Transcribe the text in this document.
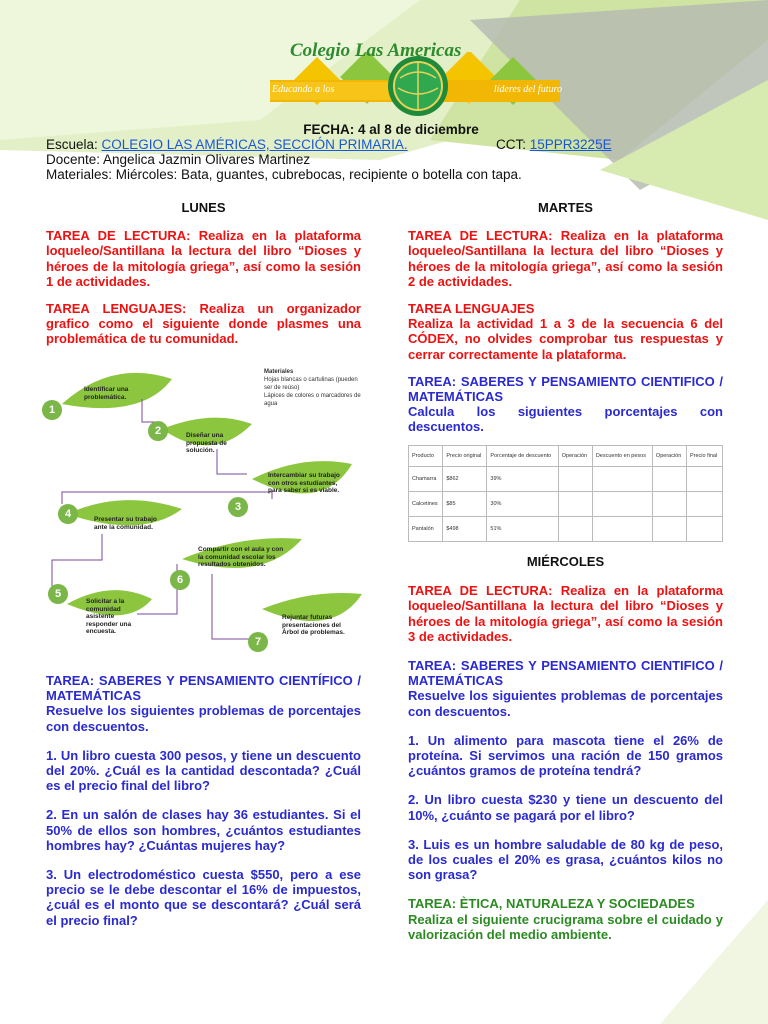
Colegio Las Americas
Educando a los	líderes del futuro
FECHA: 4 al 8 de diciembre
Escuela: COLEGIO LAS AMÉRICAS, SECCIÓN PRIMARIA.	CCT: 15PPR3225E
Docente: Angelica Jazmin Olivares Martinez
Materiales: Miércoles: Bata, guantes, cubrebocas, recipiente o botella con tapa.

LUNES

TAREA DE LECTURA: Realiza en la plataforma loqueleo/Santillana la lectura del libro “Dioses y héroes de la mitología griega”, así como la sesión 1 de actividades.

TAREA LENGUAJES: Realiza un organizador grafico como el siguiente donde plasmes una problemática de tu comunidad.

Materiales
Hojas blancas o cartulinas (pueden ser de reúso)
Lápices de colores o marcadores de agua
1
Identificar una problemática.
2	Diseñar una propuesta de solución.
3
Intercambiar su trabajo con otros estudiantes, para saber si es viable.
4	Presentar su trabajo ante la comunidad.
6
Compartir con el aula y con la comunidad escolar los resultados obtenidos.
5
Solicitar a la comunidad asistente responder una encuesta.
7
Rejuntar futuras presentaciones del Árbol de problemas.

TAREA: SABERES Y PENSAMIENTO CIENTÍFICO / MATEMÁTICAS

Resuelve los siguientes problemas de porcentajes con descuentos.

1. Un libro cuesta 300 pesos, y tiene un descuento del 20%. ¿Cuál es la cantidad descontada? ¿Cuál es el precio final del libro?

2. En un salón de clases hay 36 estudiantes. Si el 50% de ellos son hombres, ¿cuántos estudiantes hombres hay? ¿Cuántas mujeres hay?

3. Un electrodoméstico cuesta $550, pero a ese precio se le debe descontar el 16% de impuestos, ¿cuál es el monto que se descontará? ¿Cuál será el precio final?

MARTES

TAREA DE LECTURA: Realiza en la plataforma loqueleo/Santillana la lectura del libro “Dioses y héroes de la mitología griega”, así como la sesión 2 de actividades.

TAREA LENGUAJES

Realiza la actividad 1 a 3 de la secuencia 6 del CÓDEX, no olvides comprobar tus respuestas y cerrar correctamente la plataforma.

TAREA: SABERES Y PENSAMIENTO CIENTIFICO / MATEMÁTICAS

Calcula los siguientes porcentajes con descuentos.

Producto	Precio original	Porcentaje de descuento	Operación	Descuento en pesos	Operación	Precio final
Chamarra	$862	39%				
Calcetines	$85	30%				
Pantalón	$498	51%				

MIÉRCOLES

TAREA DE LECTURA: Realiza en la plataforma loqueleo/Santillana la lectura del libro “Dioses y héroes de la mitología griega”, así como la sesión 3 de actividades.

TAREA: SABERES Y PENSAMIENTO CIENTIFICO / MATEMÁTICAS

Resuelve los siguientes problemas de porcentajes con descuentos.

1. Un alimento para mascota tiene el 26% de proteína. Si servimos una ración de 150 gramos ¿cuántos gramos de proteína tendrá?

2. Un libro cuesta $230 y tiene un descuento del 10%, ¿cuánto se pagará por el libro?

3. Luis es un hombre saludable de 80 kg de peso, de los cuales el 20% es grasa, ¿cuántos kilos no son grasa?

TAREA: ÈTICA, NATURALEZA Y SOCIEDADES

Realiza el siguiente crucigrama sobre el cuidado y valorización del medio ambiente.
